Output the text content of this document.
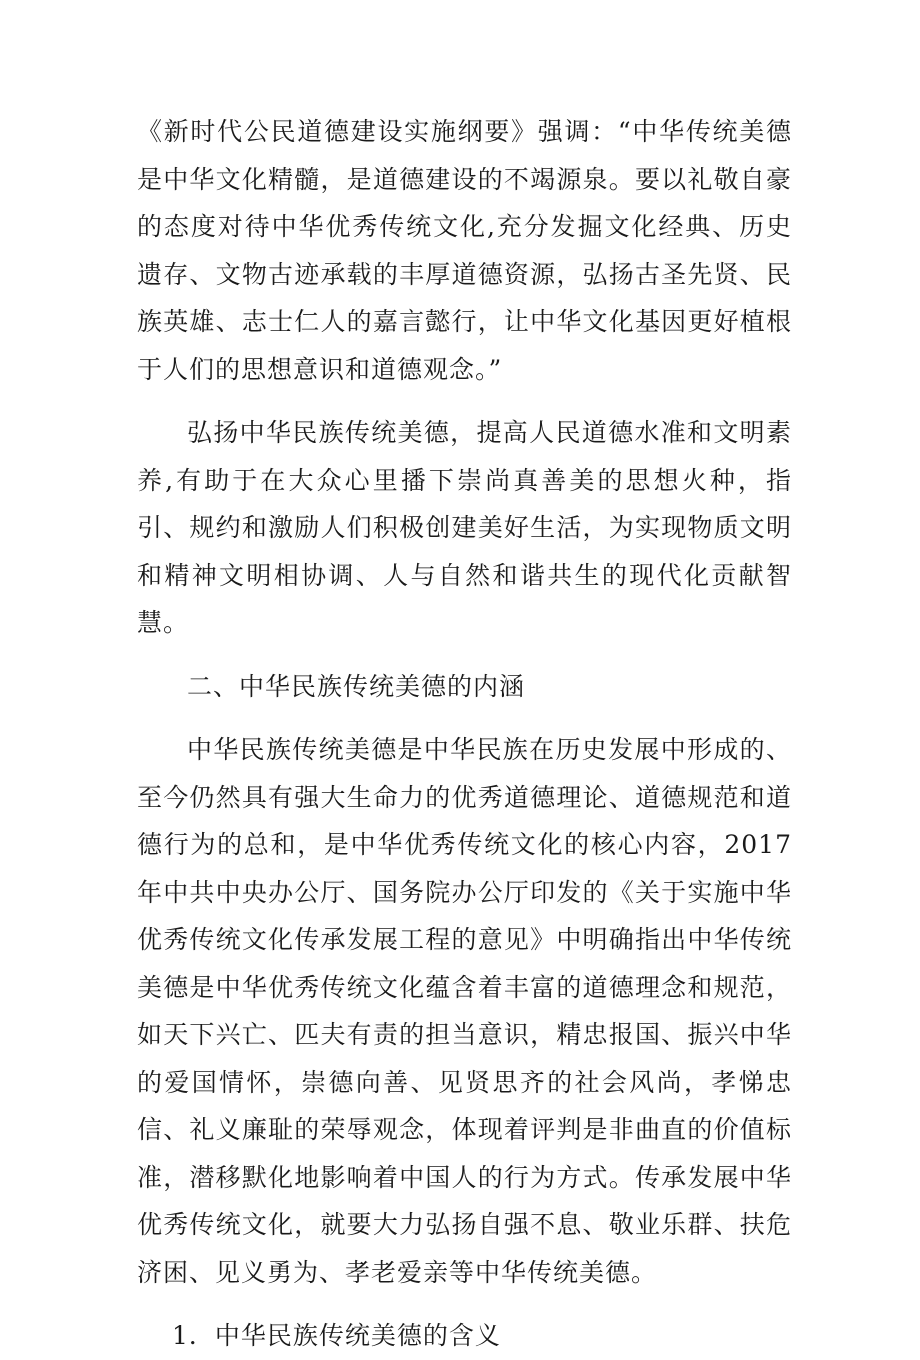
《新时代公民道德建设实施纲要》强调：“中华传统美德是中华文化精髓，是道德建设的不竭源泉。要以礼敬自豪的态度对待中华优秀传统文化,充分发掘文化经典、历史遗存、文物古迹承载的丰厚道德资源，弘扬古圣先贤、民族英雄、志士仁人的嘉言懿行，让中华文化基因更好植根于人们的思想意识和道德观念。”

弘扬中华民族传统美德，提高人民道德水准和文明素养,有助于在大众心里播下崇尚真善美的思想火种，指引、规约和激励人们积极创建美好生活，为实现物质文明和精神文明相协调、人与自然和谐共生的现代化贡献智慧。

二、中华民族传统美德的内涵

中华民族传统美德是中华民族在历史发展中形成的、至今仍然具有强大生命力的优秀道德理论、道德规范和道德行为的总和，是中华优秀传统文化的核心内容，2017 年中共中央办公厅、国务院办公厅印发的《关于实施中华优秀传统文化传承发展工程的意见》中明确指出中华传统美德是中华优秀传统文化蕴含着丰富的道德理念和规范，如天下兴亡、匹夫有责的担当意识，精忠报国、振兴中华的爱国情怀，崇德向善、见贤思齐的社会风尚，孝悌忠信、礼义廉耻的荣辱观念，体现着评判是非曲直的价值标准，潜移默化地影响着中国人的行为方式。传承发展中华优秀传统文化，就要大力弘扬自强不息、敬业乐群、扶危济困、见义勇为、孝老爱亲等中华传统美德。

1．中华民族传统美德的含义
